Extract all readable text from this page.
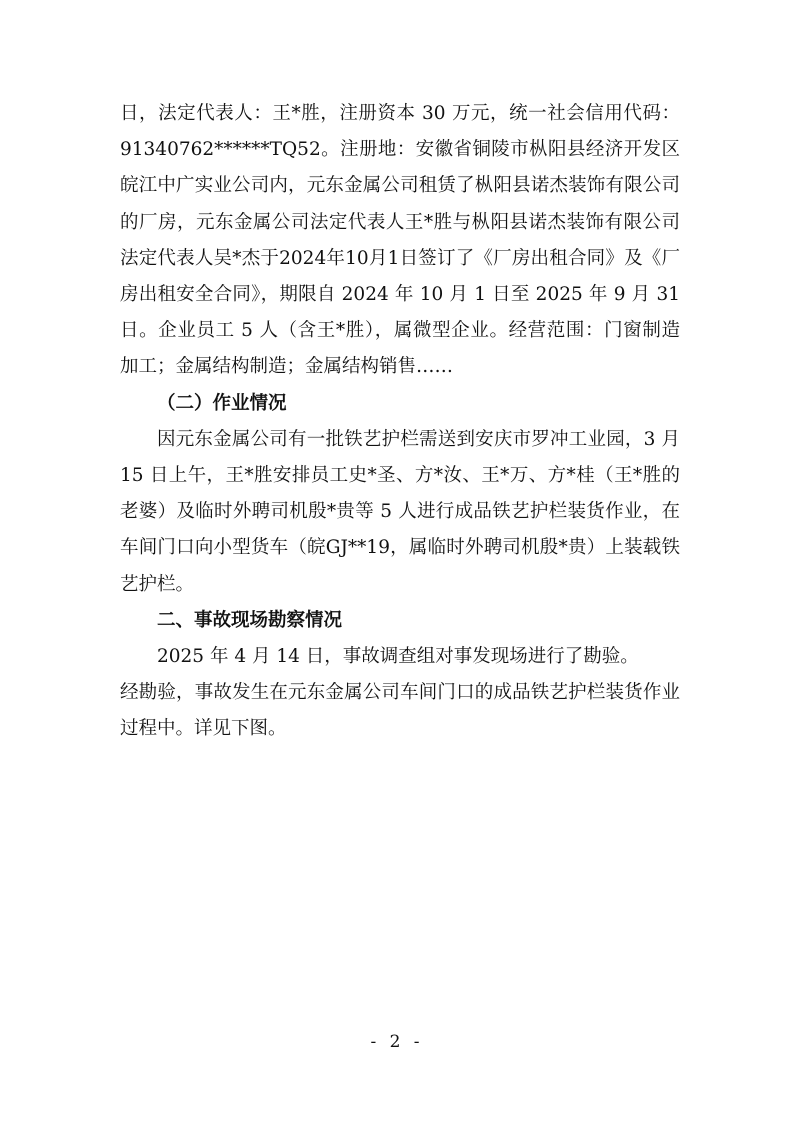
日，法定代表人：王*胜，注册资本 30 万元，统一社会信用代码：91340762******TQ52。注册地：安徽省铜陵市枞阳县经济开发区皖江中广实业公司内，元东金属公司租赁了枞阳县诺杰装饰有限公司的厂房，元东金属公司法定代表人王*胜与枞阳县诺杰装饰有限公司法定代表人吴*杰于2024年10月1日签订了《厂房出租合同》及《厂房出租安全合同》，期限自 2024 年 10 月 1 日至 2025 年 9 月 31 日。企业员工 5 人（含王*胜），属微型企业。经营范围：门窗制造加工；金属结构制造；金属结构销售……

（二）作业情况

因元东金属公司有一批铁艺护栏需送到安庆市罗冲工业园，3 月 15 日上午，王*胜安排员工史*圣、方*汝、王*万、方*桂（王*胜的老婆）及临时外聘司机殷*贵等 5 人进行成品铁艺护栏装货作业，在车间门口向小型货车（皖GJ**19，属临时外聘司机殷*贵）上装载铁艺护栏。

二、事故现场勘察情况

2025 年 4 月 14 日，事故调查组对事发现场进行了勘验。

经勘验，事故发生在元东金属公司车间门口的成品铁艺护栏装货作业过程中。详见下图。

- 2 -
